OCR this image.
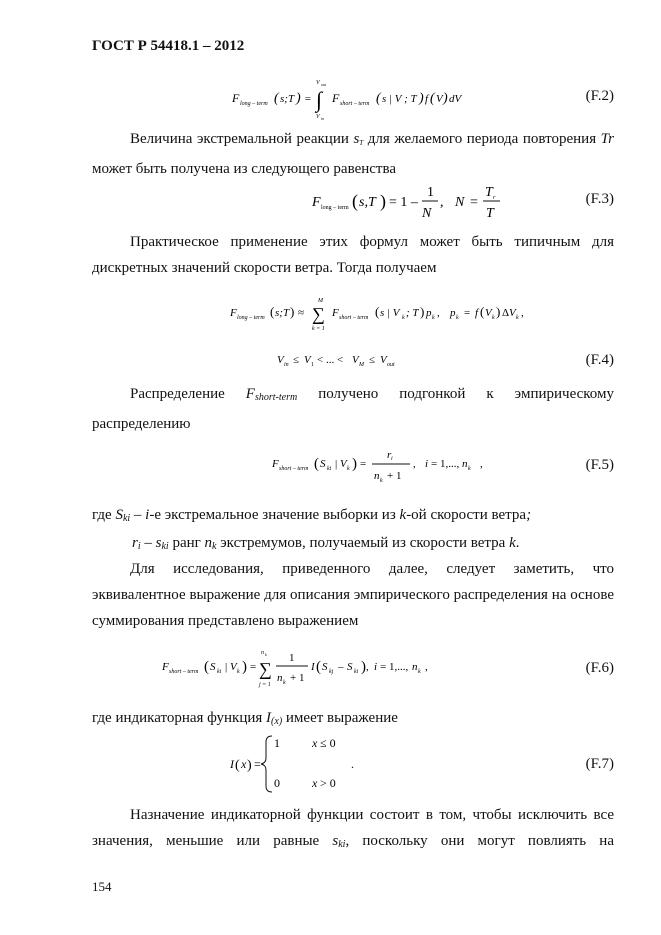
ГОСТ Р 54418.1 – 2012
F long – term ( s;T ) =
V out
∫
V in
F short – term ( s | V ; T ) f ( V ) dV	(F.2)
Величина экстремальной реакции $s_T$ для желаемого периода повторения Tr может быть получена из следующего равенства
F long – term ( s,T ) = 1 –
1
N
, N =
T r
T
(F.3)
Практическое применение этих формул может быть типичным для дискретных значений скорости ветра. Тогда получаем
F long – term ( s;T ) ≈
M
∑
k = 1
F short – term ( s | V k ; T ) p k , p k = f ( V k ) Δ V k ,
V in ≤ V 1 < ... < V M ≤ V out	(F.4)
Распределение $F_{short-term}$ получено подгонкой к эмпирическому распределению
F short – term ( S ki | V k ) =
r i
n k + 1
, i = 1,..., n k ,	(F.5)
где $S_{ki} - i-е$ экстремальное значение выборки из k-ой скорости ветра;
$r_i - s_{ki}$ ранг $n_k$ экстремумов, получаемый из скорости ветра k.
Для исследования, приведенного далее, следует заметить, что эквивалентное выражение для описания эмпирического распределения на основе суммирования представлено выражением
F short – term ( S ki | V k ) =
n k
∑
j = 1
1
n k + 1
I ( S kj – S ki ) , i = 1,..., n k ,	(F.6)
где индикаторная функция $I_{(x)}$ имеет выражение
I ( x ) =
1	x ≤ 0
0	x > 0
.	(F.7)
Назначение индикаторной функции состоит в том, чтобы исключить все значения, меньшие или равные $s_{ki}$, поскольку они могут повлиять на
154
